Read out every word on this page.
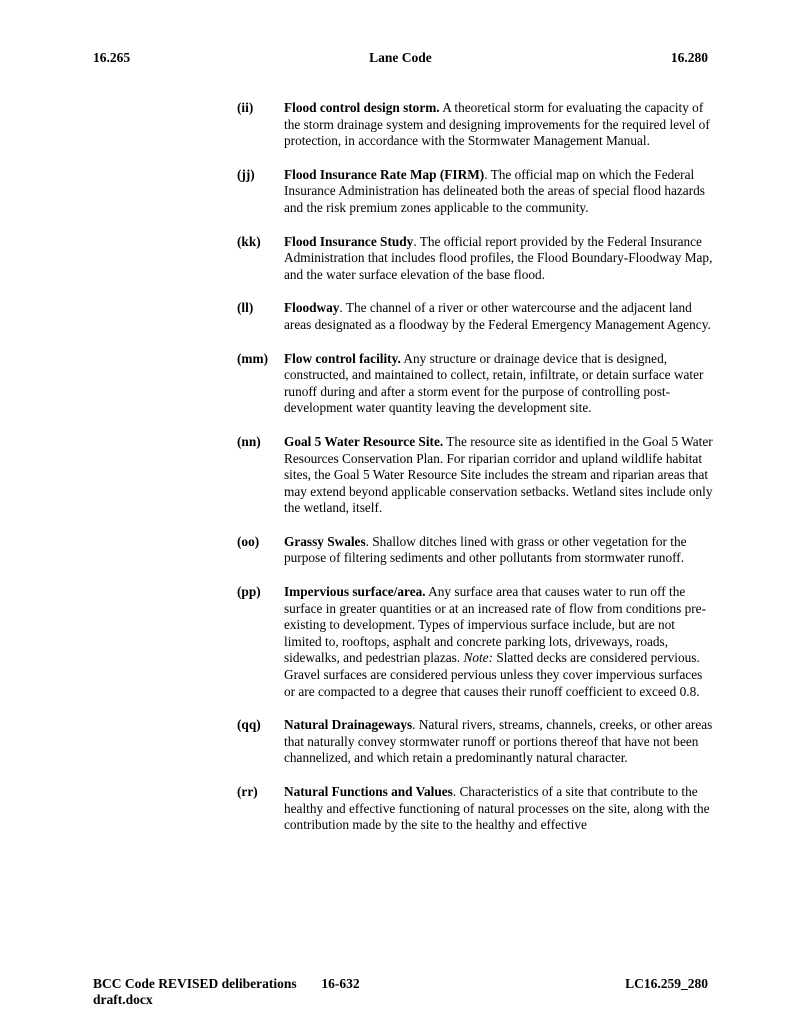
16.265	Lane Code	16.280
(ii)	Flood control design storm. A theoretical storm for evaluating the capacity of the storm drainage system and designing improvements for the required level of protection, in accordance with the Stormwater Management Manual.
(jj)	Flood Insurance Rate Map (FIRM). The official map on which the Federal Insurance Administration has delineated both the areas of special flood hazards and the risk premium zones applicable to the community.
(kk)	Flood Insurance Study. The official report provided by the Federal Insurance Administration that includes flood profiles, the Flood Boundary-Floodway Map, and the water surface elevation of the base flood.
(ll)	Floodway. The channel of a river or other watercourse and the adjacent land areas designated as a floodway by the Federal Emergency Management Agency.
(mm)	Flow control facility. Any structure or drainage device that is designed, constructed, and maintained to collect, retain, infiltrate, or detain surface water runoff during and after a storm event for the purpose of controlling post-development water quantity leaving the development site.
(nn)	Goal 5 Water Resource Site. The resource site as identified in the Goal 5 Water Resources Conservation Plan. For riparian corridor and upland wildlife habitat sites, the Goal 5 Water Resource Site includes the stream and riparian areas that may extend beyond applicable conservation setbacks. Wetland sites include only the wetland, itself.
(oo)	Grassy Swales. Shallow ditches lined with grass or other vegetation for the purpose of filtering sediments and other pollutants from stormwater runoff.
(pp)	Impervious surface/area. Any surface area that causes water to run off the surface in greater quantities or at an increased rate of flow from conditions pre-existing to development. Types of impervious surface include, but are not limited to, rooftops, asphalt and concrete parking lots, driveways, roads, sidewalks, and pedestrian plazas. Note: Slatted decks are considered pervious. Gravel surfaces are considered pervious unless they cover impervious surfaces or are compacted to a degree that causes their runoff coefficient to exceed 0.8.
(qq)	Natural Drainageways. Natural rivers, streams, channels, creeks, or other areas that naturally convey stormwater runoff or portions thereof that have not been channelized, and which retain a predominantly natural character.
(rr)	Natural Functions and Values. Characteristics of a site that contribute to the healthy and effective functioning of natural processes on the site, along with the contribution made by the site to the healthy and effective
BCC Code REVISED deliberations draft.docx
16-632	LC16.259_280
